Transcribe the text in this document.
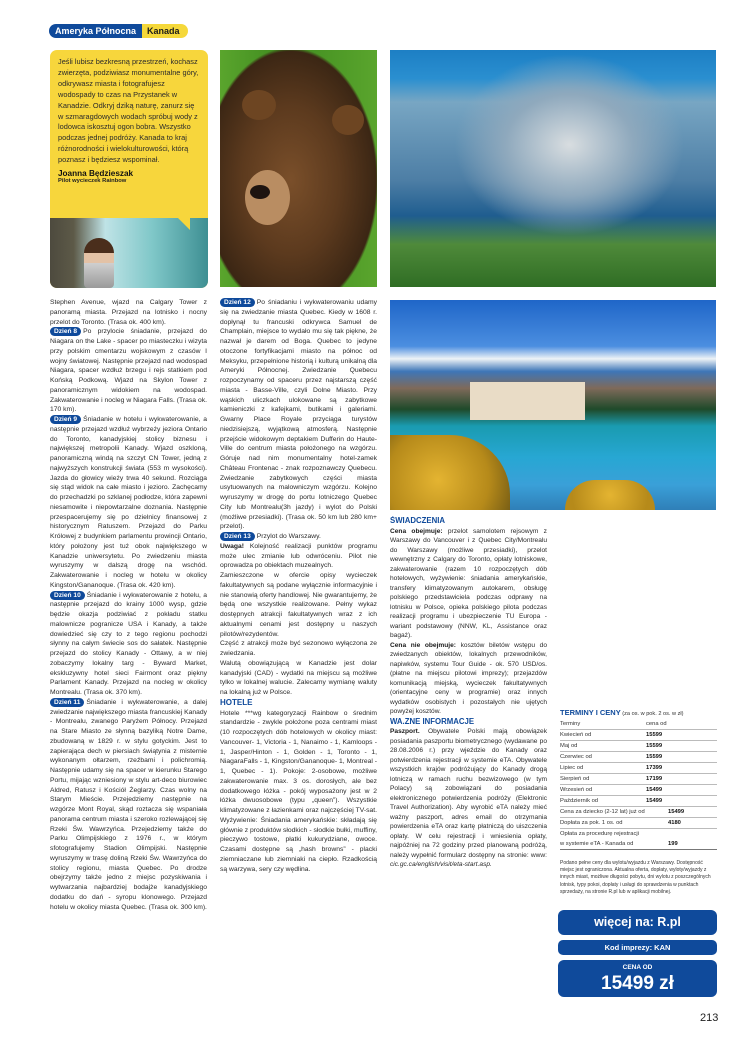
Ameryka Północna	Kanada
Jeśli lubisz bezkresną przestrzeń, kochasz zwierzęta, podziwiasz monumentalne góry, odkrywasz miasta i fotografujesz wodospady to czas na Przystanek w Kanadzie. Odkryj dziką naturę, zanurz się w szmaragdowych wodach spróbuj wody z lodowca iskosztuj ogon bobra. Wszystko podczas jednej podróży. Kanada to kraj różnorodności i wielokulturowości, którą poznasz i będziesz wspominał.
Joanna Będzieszak
Pilot wycieczek Rainbow

Stephen Avenue, wjazd na Calgary Tower z panoramą miasta. Przejazd na lotnisko i nocny przelot do Toronto. (Trasa ok. 400 km).

Dzień 8 Po przylocie śniadanie, przejazd do Niagara on the Lake - spacer po miasteczku i wizyta przy polskim cmentarzu wojskowym z czasów I wojny światowej. Następnie przejazd nad wodospad Niagara, spacer wzdłuż brzegu i rejs statkiem pod Końską Podkową. Wjazd na Skylon Tower z panoramicznym widokiem na wodospad. Zakwaterowanie i nocleg w Niagara Falls. (Trasa ok. 170 km).

Dzień 9 Śniadanie w hotelu i wykwaterowanie, a następnie przejazd wzdłuż wybrzeży jeziora Ontario do Toronto, kanadyjskiej stolicy biznesu i największej metropolii Kanady. Wjazd oszkloną, panoramiczną windą na szczyt CN Tower, jedną z najwyższych konstrukcji świata (553 m wysokości). Jazda do głowicy wieży trwa 40 sekund. Rozciąga się stąd widok na całe miasto i jezioro. Zachęcamy do przechadzki po szklanej podłodze, która zapewni niesamowite i niepowtarzalne doznania. Następnie przespacerujemy się po dzielnicy finansowej z historycznym Ratuszem. Przejazd do Parku Królowej z budynkiem parlamentu prowincji Ontario, który położony jest tuż obok największego w Kanadzie uniwersytetu. Po zwiedzeniu miasta wyruszymy w dalszą drogę na wschód. Zakwaterowanie i nocleg w hotelu w okolicy Kingston/Gananoque. (Trasa ok. 420 km).

Dzień 10 Śniadanie i wykwaterowanie z hotelu, a następnie przejazd do krainy 1000 wysp, gdzie będzie okazja podziwiać z pokładu statku malownicze pogranicze USA i Kanady, a także dowiedzieć się czy to z tego regionu pochodzi słynny na całym świecie sos do sałatek. Następnie przejazd do stolicy Kanady - Ottawy, a w niej zobaczymy lokalny targ - Byward Market, ekskluzywny hotel sieci Fairmont oraz piękny Parlament Kanady. Przejazd na nocleg w okolicy Montrealu. (Trasa ok. 370 km).

Dzień 11 Śniadanie i wykwaterowanie, a dalej zwiedzanie największego miasta francuskiej Kanady - Montrealu, zwanego Paryżem Północy. Przejazd na Stare Miasto ze słynną bazyliką Notre Dame, zbudowaną w 1829 r. w stylu gotyckim. Jest to zapierająca dech w piersiach świątynia z misternie wykonanym ołtarzem, rzeźbami i polichromią. Następnie udamy się na spacer w kierunku Starego Portu, mijając wzniesiony w stylu art-deco biurowiec Aldred, Ratusz i Kościół Żeglarzy. Czas wolny na Starym Mieście. Przejedziemy następnie na wzgórze Mont Royal, skąd roztacza się wspaniała panorama centrum miasta i szeroko rozlewającej się Rzeki Św. Wawrzyńca. Przejedziemy także do Parku Olimpijskiego z 1976 r., w którym sfotografujemy Stadion Olimpijski. Następnie wyruszymy w trasę doliną Rzeki Św. Wawrzyńca do stolicy regionu, miasta Quebec. Po drodze obejrzymy także jedno z miejsc pozyskiwania i wytwarzania najbardziej bodajże kanadyjskiego dodatku do dań - syropu klonowego. Przejazd hotelu w okolicy miasta Quebec. (Trasa ok. 300 km).

Dzień 12 Po śniadaniu i wykwaterowaniu udamy się na zwiedzanie miasta Quebec. Kiedy w 1608 r. dopłynął tu francuski odkrywca Samuel de Champlain, miejsce to wydało mu się tak piękne, że nazwał je darem od Boga. Quebec to jedyne otoczone fortyfikacjami miasto na północ od Meksyku, przepełnione historią i kulturą unikalną dla Ameryki Północnej. Zwiedzanie Quebecu rozpoczynamy od spaceru przez najstarszą część miasta - Basse-Ville, czyli Dolne Miasto. Przy wąskich uliczkach ulokowane są zabytkowe kamieniczki z kafejkami, butikami i galeriami. Gwarny Place Royale przyciąga turystów niedzisiejszą, wyjątkową atmosferą. Następnie przejście widokowym deptakiem Dufferin do Haute-Ville do centrum miasta położonego na wzgórzu. Góruje nad nim monumentalny hotel-zamek Château Frontenac - znak rozpoznawczy Quebecu. Zwiedzanie zabytkowych części miasta usytuowanych na malowniczym wzgórzu. Kolejno wyruszymy w drogę do portu lotniczego Quebec City lub Montrealu(3h jazdy) i wylot do Polski (możliwe przesiadki). (Trasa ok. 50 km lub 280 km+ przelot).

Dzień 13 Przylot do Warszawy.

Uwaga! Kolejność realizacji punktów programu może ulec zmianie lub odwróceniu. Pilot nie oprowadza po obiektach muzealnych.

Zamieszczone w ofercie opisy wycieczek fakultatywnych są podane wyłącznie informacyjnie i nie stanowią oferty handlowej. Nie gwarantujemy, że będą one wszystkie realizowane. Pełny wykaz dostępnych atrakcji fakultatywnych wraz z ich aktualnymi cenami jest dostępny u naszych pilotów/rezydentów.

Część z atrakcji może być sezonowo wyłączona ze zwiedzania.

Walutą obowiązującą w Kanadzie jest dolar kanadyjski (CAD) - wydatki na miejscu są możliwe tylko w lokalnej walucie. Zalecamy wymianę waluty na lokalną już w Polsce.

HOTELE

Hotele ***wg kategoryzacji Rainbow o średnim standardzie - zwykle położone poza centrami miast (10 rozpoczętych dób hotelowych w okolicy miast: Vancouver- 1, Victoria - 1, Nanaimo - 1, Kamloops - 1, Jasper/Hinton - 1, Golden - 1, Toronto - 1, NiagaraFalls - 1, Kingston/Gananoque- 1, Montreal - 1, Quebec - 1). Pokoje: 2-osobowe, możliwe zakwaterowanie max. 3 os. dorosłych, ale bez dodatkowego łóżka - pokój wyposażony jest w 2 łóżka dwuosobowe (typu „queen”). Wszystkie klimatyzowane z łazienkami oraz najczęściej TV-sat. Wyżywienie: Śniadania amerykańskie: składają się głównie z produktów słodkich - słodkie bułki, muffiny, pieczywo tostowe, płatki kukurydziane, owoce. Czasami dostępne są „hash browns” - placki ziemniaczane lub ziemniaki na ciepło. Rzadkością są warzywa, sery czy wędlina.

ŚWIADCZENIA

Cena obejmuje: przelot samolotem rejsowym z Warszawy do Vancouver i z Quebec City/Montrealu do Warszawy (możliwe przesiadki), przelot wewnętrzny z Calgary do Toronto, opłaty lotniskowe, zakwaterowanie (razem 10 rozpoczętych dób hotelowych, wyżywienie: śniadania amerykańskie, transfery klimatyzowanym autokarem, obsługę polskiego przedstawiciela podczas odprawy na lotnisku w Polsce, opieka polskiego pilota podczas realizacji programu i ubezpieczenie TU Europa - wariant podstawowy (NNW, KL, Assistance oraz bagaż).

Cena nie obejmuje: kosztów biletów wstępu do zwiedzanych obiektów, lokalnych przewodników, napiwków, systemu Tour Guide - ok. 570 USD/os. (płatne na miejscu pilotowi imprezy); przejazdów komunikacją miejską, wycieczek fakultatywnych (orientacyjne ceny w programie) oraz innych wydatków osobistych i pozostałych nie ujętych powyżej kosztów.

WA.ZNE INFORMACJE

Paszport. Obywatele Polski mają obowiązek posiadania paszportu biometrycznego (wydawane po 28.08.2006 r.) przy wjeździe do Kanady oraz potwierdzenia rejestracji w systemie eTA. Obywatele wszystkich krajów podróżujący do Kanady drogą lotniczą w ramach ruchu bezwizowego (w tym Polacy) są zobowiązani do posiadania elektronicznego potwierdzenia podróży (Elektronic Travel Authorization). Aby wyrobić eTA należy mieć ważny paszport, adres email do otrzymania powierdzenia eTA oraz kartę płatniczą do uiszczenia opłaty. W celu rejestracji i wniesienia opłaty, najpóźniej na 72 godziny przed planowaną podróżą, należy wypełnić formularz dostępny na stronie: www: cic.gc.ca/english/visit/eta-start.asp.

TERMINY I CENY (za os. w pok. 2 os. w zł)
Terminy	cena od
Kwiecień od	15599
Maj od	15599
Czerwiec od	15599
Lipiec od	17399
Sierpień od	17199
Wrzesień od	15499
Październik od	15499
Cena za dziecko (2-12 lat) już od	15499
Dopłata za pok. 1 os. od	4180
Opłata za procedurę rejestracji
w systemie eTA - Kanada od	199
Podano pełne ceny dla wylotu/wyjazdu z Warszawy. Dostępność miejsc jest ograniczona. Aktualna oferta, dopłaty, wyloty/wyjazdy z innych miast, możliwe długości pobytu, dni wylotu z poszczególnych lotnisk, typy pokoi, dopłaty i usługi do sprawdzenia w punktach sprzedaży, na stronie R.pl lub w aplikacji mobilnej.
więcej na: R.pl
Kod imprezy: KAN
CENA OD
15499 zł
213
